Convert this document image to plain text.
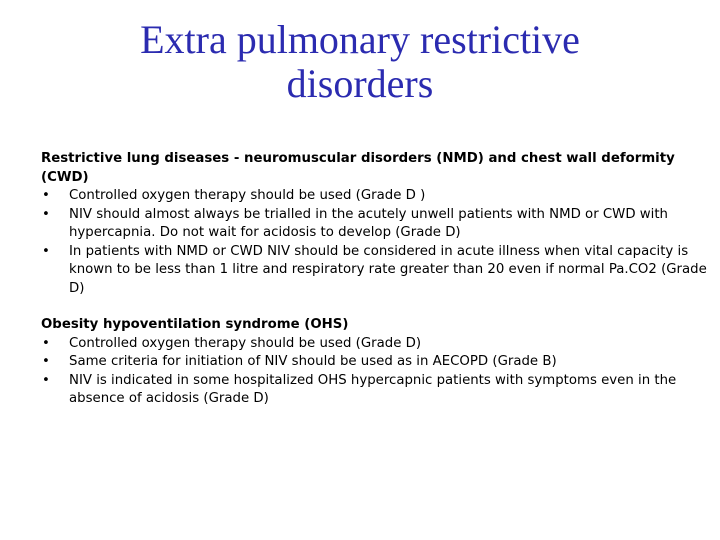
Extra pulmonary restrictive
disorders

Restrictive lung diseases - neuromuscular disorders (NMD) and chest wall deformity (CWD)

• Controlled oxygen therapy should be used (Grade D )
• NIV should almost always be trialled in the acutely unwell patients with NMD or CWD with hypercapnia. Do not wait for acidosis to develop (Grade D)
• In patients with NMD or CWD NIV should be considered in acute illness when vital capacity is known to be less than 1 litre and respiratory rate greater than 20 even if normal Pa.CO2 (Grade D)

Obesity hypoventilation syndrome (OHS)

• Controlled oxygen therapy should be used (Grade D)
• Same criteria for initiation of NIV should be used as in AECOPD (Grade B)
• NIV is indicated in some hospitalized OHS hypercapnic patients with symptoms even in the absence of acidosis (Grade D)
